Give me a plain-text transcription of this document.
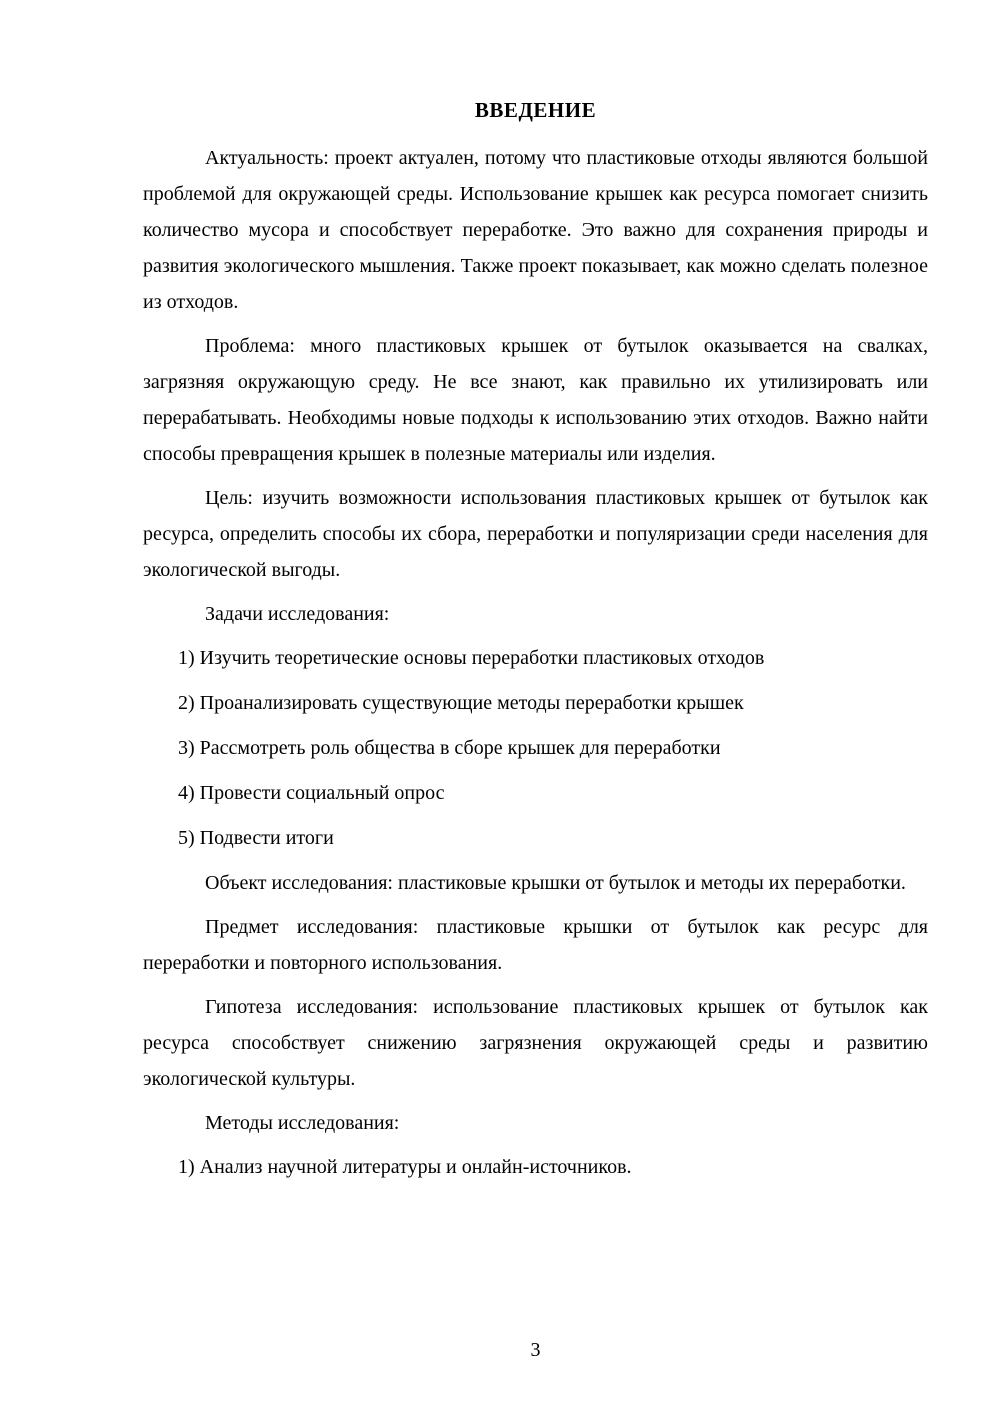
ВВЕДЕНИЕ

Актуальность: проект актуален, потому что пластиковые отходы являются большой проблемой для окружающей среды. Использование крышек как ресурса помогает снизить количество мусора и способствует переработке. Это важно для сохранения природы и развития экологического мышления. Также проект показывает, как можно сделать полезное из отходов.

Проблема: много пластиковых крышек от бутылок оказывается на свалках, загрязняя окружающую среду. Не все знают, как правильно их утилизировать или перерабатывать. Необходимы новые подходы к использованию этих отходов. Важно найти способы превращения крышек в полезные материалы или изделия.

Цель: изучить возможности использования пластиковых крышек от бутылок как ресурса, определить способы их сбора, переработки и популяризации среди населения для экологической выгоды.

Задачи исследования:

1) Изучить теоретические основы переработки пластиковых отходов

2) Проанализировать существующие методы переработки крышек

3) Рассмотреть роль общества в сборе крышек для переработки

4) Провести социальный опрос

5) Подвести итоги

Объект исследования: пластиковые крышки от бутылок и методы их переработки.

Предмет исследования: пластиковые крышки от бутылок как ресурс для переработки и повторного использования.

Гипотеза исследования: использование пластиковых крышек от бутылок как ресурса способствует снижению загрязнения окружающей среды и развитию экологической культуры.

Методы исследования:

1) Анализ научной литературы и онлайн-источников.

3
